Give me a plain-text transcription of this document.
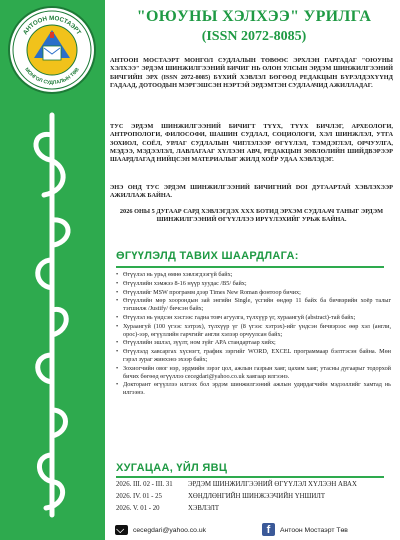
АНТООН МОСТАЭРТ
МОНГОЛ СУДЛАЛЫН ТӨВ
"ОЮУНЫ ХЭЛХЭЭ" УРИЛГА
(ISSN 2072-8085)
АНТООН МОСТАЭРТ МОНГОЛ СУДЛАЛЫН ТӨВӨӨС ЭРХЛЭН ГАРГАДАГ "ОЮУНЫ ХЭЛХЭЭ" ЭРДЭМ ШИНЖИЛГЭЭНИЙ БИЧИГ НЬ ОЛОН УЛСЫН ЭРДЭМ ШИНЖИЛГЭЭНИЙ БИЧГИЙН ЭРХ (ISSN 2072-8085) БҮХИЙ ХЭВЛЭЛ БӨГӨӨД РЕДАКЦЫН БҮРЭЛДЭХҮҮНД ГАДААД, ДОТООДЫН МЭРГЭШСЭН НЭРТЭЙ ЭРДЭМТЭН СУДЛААЧИД АЖИЛЛАДАГ.
ТУС ЭРДЭМ ШИНЖИЛГЭЭНИЙ БИЧИГТ ТҮҮХ, ТҮҮХ БИЧЛЭГ, АРХЕОЛОГИ, АНТРОПОЛОГИ, ФИЛОСОФИ, ШАШИН СУДЛАЛ, СОЦИОЛОГИ, ХЭЛ ШИНЖЛЭЛ, УТГА ЗОХИОЛ, СОЁЛ, УРЛАГ СУДЛАЛЫН ЧИГЛЭЛЭЭР ӨГҮҮЛЭЛ, ТЭМДЭГЛЭЛ, ОРЧУУЛГА, МЭДЭЭ, МЭДЭЭЛЭЛ, ЛАВЛАГААГ ХҮЛЭЭН АВЧ, РЕДАКЦЫН ЗӨВЛӨЛИЙН ШИЙДВЭРЭЭР ШААРДЛАГАД НИЙЦСЭН МАТЕРИАЛЫГ ЖИЛД ХОЁР УДАА ХЭВЛЭДЭГ.
ЭНЭ ОНД ТУС ЭРДЭМ ШИНЖИЛГЭЭНИЙ БИЧИГНИЙ DOI ДУГААРТАЙ ХЭВЛЭХЭЭР АЖИЛЛАЖ БАЙНА.
2026 ОНЫ 5 ДУГААР САРД ХЭВЛЭГДЭХ XXX БОТИД ЭРХЭМ СУДЛААЧ ТАНЫГ ЭРДЭМ ШИНЖИЛГЭЭНИЙ ӨГҮҮЛЛЭЭ ИРҮҮЛЭХИЙГ УРЬЖ БАЙНА.
ӨГҮҮЛЭЛД ТАВИХ ШААРДЛАГА:
• Өгүүлэл нь урьд өмнө хэвлэгдээгүй байх;
• Өгүүллийн хэмжээ 8-16 нүүр хуудас /B5/ байх;
• Өгүүллийг MSW программ дээр Times New Roman фонтоор бичих;
• Өгүүллийн мөр хоорондын зай энгийн Single, үсгийн өндөр 11 байх ба бичвэрийн хоёр талыг тэгшилж /Justify/ бичсэн байх;
• Өгүүлэл нь үндсэн хэсгээс гадна товч агуулга, түлхүүр үг, хураангуй (abstract)-тай байх;
• Хураангуй (100 үгээс хэтрэх), түлхүүр үг (8 үгээс хэтрэх)-ийг үндсэн бичвэрээс өөр хэл (англи, орос)-ээр, өгүүллийн гарчгийг англи хэлээр орчуулсан байх;
• Өгүүллийн эшлэл, зүүлт, ном зүйг APA стандартаар хийх;
• Өгүүлэлд хавсаргах хүснэгт, график зэргийг WORD, EXCEL программаар бэлтгэсэн байна. Мөн гэрэл зураг жинхэнэ эхээр байх;
• Зохиогчийн овог нэр, эрдмийн зэрэг цол, ажлын газрын хаяг, цахим хаяг, утасны дугаарыг тодорхой бичих бөгөөд өгүүллээ cecegdari@yahoo.co.uk хаягаар илгээнэ.
• Докторант өгүүллээ илгээх бол эрдэм шинжилгээний ажлын удирдагчийн мэдээллийг хамтад нь илгээнэ.
ХУГАЦАА, ҮЙЛ ЯВЦ
2026. III. 02 - III. 31	ЭРДЭМ ШИНЖИЛГЭЭНИЙ ӨГҮҮЛЭЛ ХҮЛЭЭН АВАХ
2026. IV. 01 - 25	ХӨНДЛӨНГИЙН ШИНЖЭЭЧИЙН ҮНШИЛТ
2026. V. 01 - 20	ХЭВЛЭЛТ
cecegdari@yahoo.co.uk	f	Антоон Мостаэрт Төв
